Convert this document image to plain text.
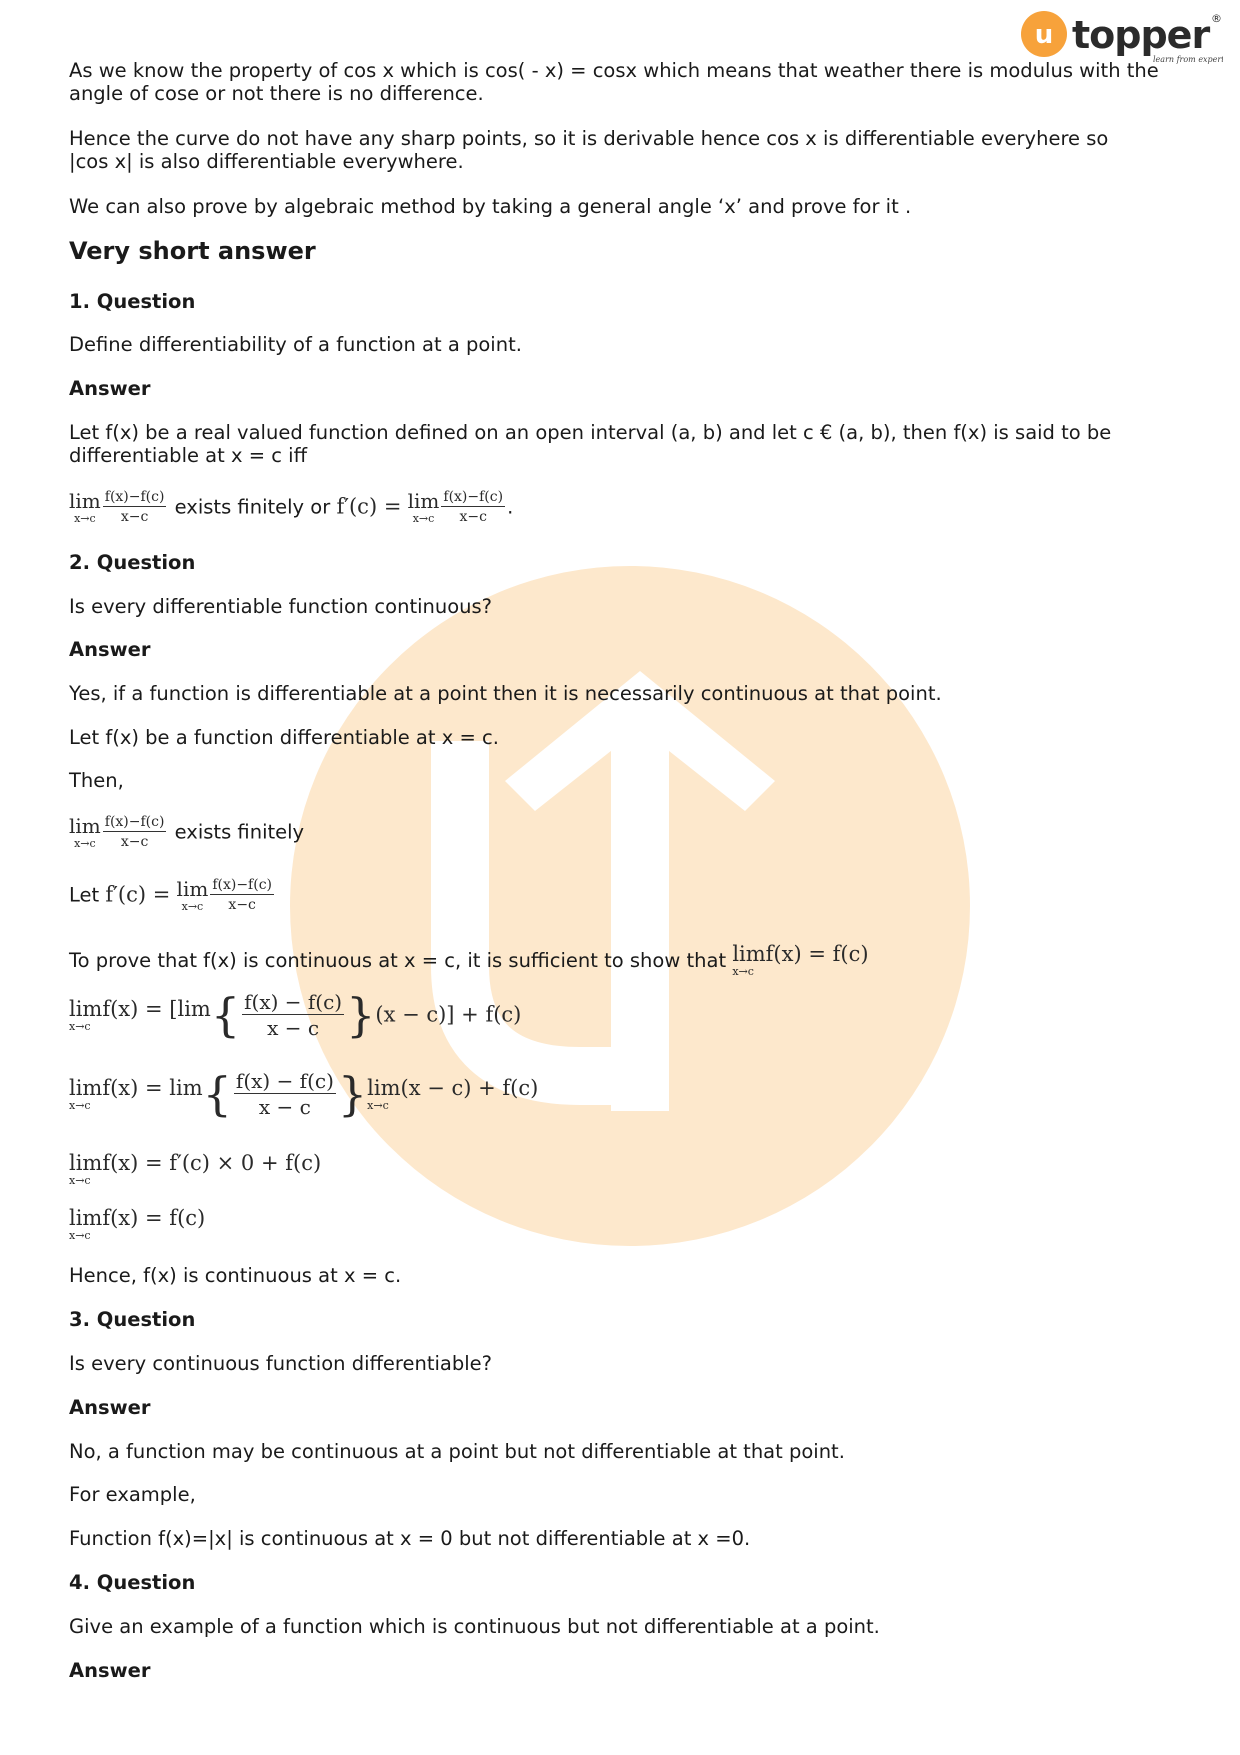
u topper ®
learn from experts

As we know the property of cos x which is cos( - x) = cosx which means that weather there is modulus with the angle of cose or not there is no difference.

Hence the curve do not have any sharp points, so it is derivable hence cos x is differentiable everyhere so
|cos x| is also differentiable everywhere.

We can also prove by algebraic method by taking a general angle ‘x’ and prove for it .

Very short answer
1. Question
Define differentiability of a function at a point.
Answer
Let f(x) be a real valued function defined on an open interval (a, b) and let c € (a, b), then f(x) is said to be
differentiable at x = c iff
lim
$x\to c \frac{f(x)-f(c)}{x-c}$ exists finitely or f′(c) = lim
$x\to c \frac{f(x)-f(c)}{x-c}$ .
2. Question
Is every differentiable function continuous?
Answer
Yes, if a function is differentiable at a point then it is necessarily continuous at that point.
Let f(x) be a function differentiable at x = c.
Then,
lim
$x\to c \frac{f(x)-f(c)}{x-c}$ exists finitely
Let f′(c) = lim
$x\to c \frac{f(x)-f(c)}{x-c}$
To prove that f(x) is continuous at x = c, it is sufficient to show that limf(x) = f(c)
x→c
limf(x) = [lim
x→c	{ $\frac{f(x) - f(c)}{x - c} \}(x - c)] + f(c)$
limf(x) = lim
x→c	{ $\frac{f(x) - f(c)}{x - c}$ } lim(x − c) + f(c)
x→c
limf(x) = f′(c) × 0 + f(c)
x→c
limf(x) = f(c)
x→c
Hence, f(x) is continuous at x = c.
3. Question
Is every continuous function differentiable?
Answer
No, a function may be continuous at a point but not differentiable at that point.
For example,
Function f(x)=|x| is continuous at x = 0 but not differentiable at x =0.
4. Question
Give an example of a function which is continuous but not differentiable at a point.
Answer
